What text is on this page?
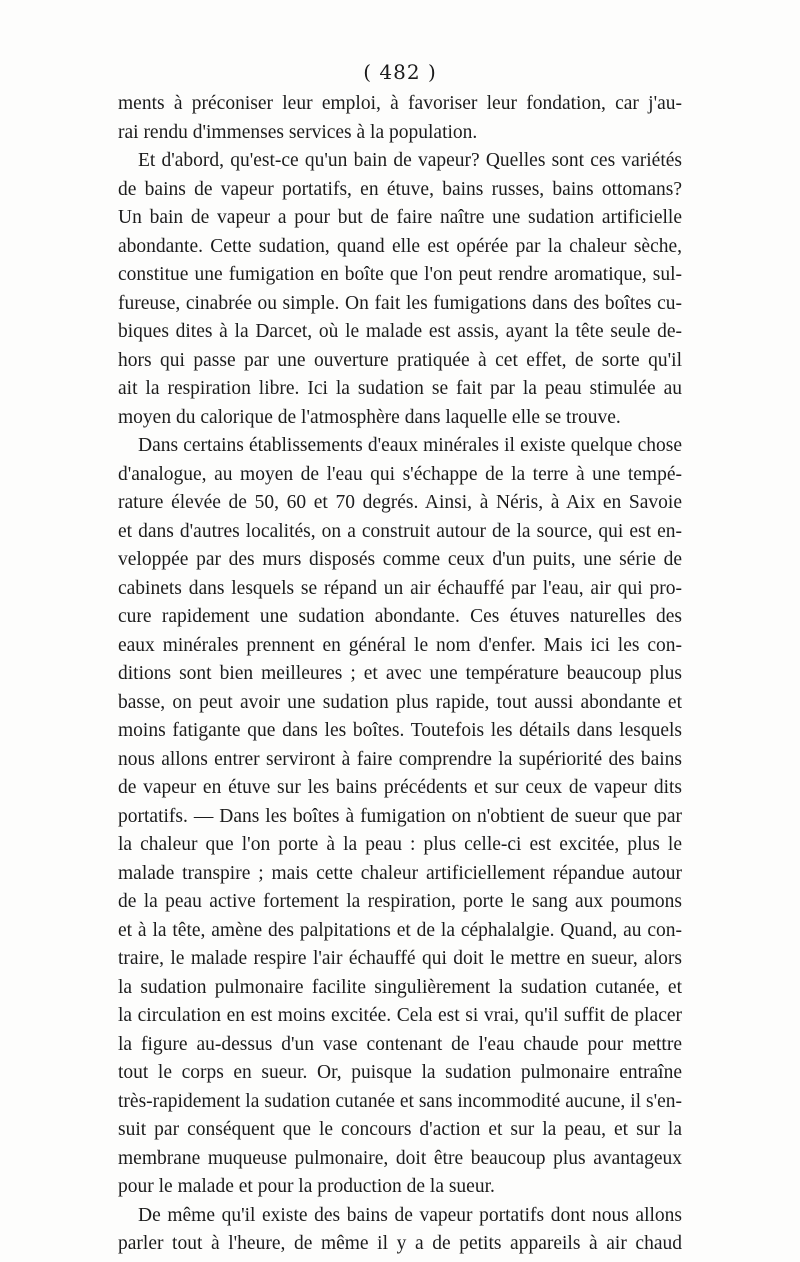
( 482 )
ments à préconiser leur emploi, à favoriser leur fondation, car j'au-
rai rendu d'immenses services à la population.
Et d'abord, qu'est-ce qu'un bain de vapeur? Quelles sont ces variétés
de bains de vapeur portatifs, en étuve, bains russes, bains ottomans?
Un bain de vapeur a pour but de faire naître une sudation artificielle
abondante. Cette sudation, quand elle est opérée par la chaleur sèche,
constitue une fumigation en boîte que l'on peut rendre aromatique, sul-
fureuse, cinabrée ou simple. On fait les fumigations dans des boîtes cu-
biques dites à la Darcet, où le malade est assis, ayant la tête seule de-
hors qui passe par une ouverture pratiquée à cet effet, de sorte qu'il
ait la respiration libre. Ici la sudation se fait par la peau stimulée au
moyen du calorique de l'atmosphère dans laquelle elle se trouve.
Dans certains établissements d'eaux minérales il existe quelque chose
d'analogue, au moyen de l'eau qui s'échappe de la terre à une tempé-
rature élevée de 50, 60 et 70 degrés. Ainsi, à Néris, à Aix en Savoie
et dans d'autres localités, on a construit autour de la source, qui est en-
veloppée par des murs disposés comme ceux d'un puits, une série de
cabinets dans lesquels se répand un air échauffé par l'eau, air qui pro-
cure rapidement une sudation abondante. Ces étuves naturelles des
eaux minérales prennent en général le nom d'enfer. Mais ici les con-
ditions sont bien meilleures ; et avec une température beaucoup plus
basse, on peut avoir une sudation plus rapide, tout aussi abondante et
moins fatigante que dans les boîtes. Toutefois les détails dans lesquels
nous allons entrer serviront à faire comprendre la supériorité des bains
de vapeur en étuve sur les bains précédents et sur ceux de vapeur dits
portatifs. — Dans les boîtes à fumigation on n'obtient de sueur que par
la chaleur que l'on porte à la peau : plus celle-ci est excitée, plus le
malade transpire ; mais cette chaleur artificiellement répandue autour
de la peau active fortement la respiration, porte le sang aux poumons
et à la tête, amène des palpitations et de la céphalalgie. Quand, au con-
traire, le malade respire l'air échauffé qui doit le mettre en sueur, alors
la sudation pulmonaire facilite singulièrement la sudation cutanée, et
la circulation en est moins excitée. Cela est si vrai, qu'il suffit de placer
la figure au-dessus d'un vase contenant de l'eau chaude pour mettre
tout le corps en sueur. Or, puisque la sudation pulmonaire entraîne
très-rapidement la sudation cutanée et sans incommodité aucune, il s'en-
suit par conséquent que le concours d'action et sur la peau, et sur la
membrane muqueuse pulmonaire, doit être beaucoup plus avantageux
pour le malade et pour la production de la sueur.
De même qu'il existe des bains de vapeur portatifs dont nous allons
parler tout à l'heure, de même il y a de petits appareils à air chaud
